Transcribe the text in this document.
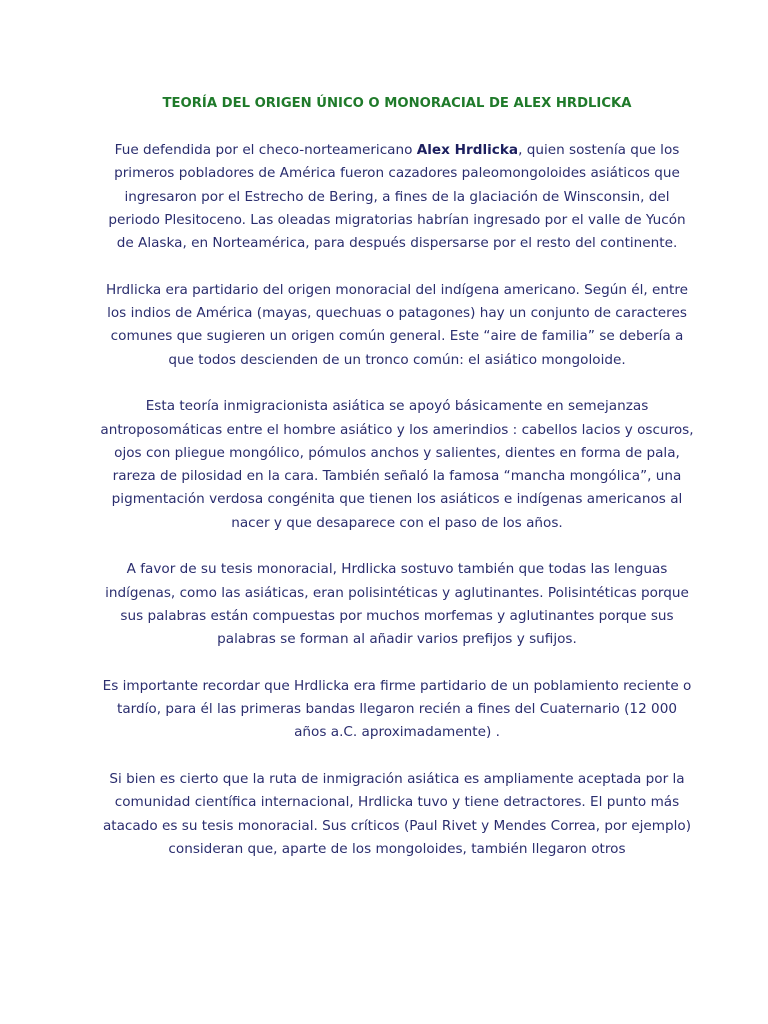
TEORÍA DEL ORIGEN ÚNICO O MONORACIAL DE ALEX HRDLICKA

Fue defendida por el checo-norteamericano Alex Hrdlicka, quien sostenía que los primeros pobladores de América fueron cazadores paleomongoloides asiáticos que ingresaron por el Estrecho de Bering, a fines de la glaciación de Winsconsin, del periodo Plesitoceno. Las oleadas migratorias habrían ingresado por el valle de Yucón de Alaska, en Norteamérica, para después dispersarse por el resto del continente.

Hrdlicka era partidario del origen monoracial del indígena americano. Según él, entre los indios de América (mayas, quechuas o patagones) hay un conjunto de caracteres comunes que sugieren un origen común general. Este “aire de familia” se debería a que todos descienden de un tronco común: el asiático mongoloide.

Esta teoría inmigracionista asiática se apoyó básicamente en semejanzas antroposomáticas entre el hombre asiático y los amerindios : cabellos lacios y oscuros, ojos con pliegue mongólico, pómulos anchos y salientes, dientes en forma de pala, rareza de pilosidad en la cara. También señaló la famosa “mancha mongólica”, una pigmentación verdosa congénita que tienen los asiáticos e indígenas americanos al nacer y que desaparece con el paso de los años.

A favor de su tesis monoracial, Hrdlicka sostuvo también que todas las lenguas indígenas, como las asiáticas, eran polisintéticas y aglutinantes. Polisintéticas porque sus palabras están compuestas por muchos morfemas y aglutinantes porque sus palabras se forman al añadir varios prefijos y sufijos.

Es importante recordar que Hrdlicka era firme partidario de un poblamiento reciente o tardío, para él las primeras bandas llegaron recién a fines del Cuaternario (12 000 años a.C. aproximadamente) .

Si bien es cierto que la ruta de inmigración asiática es ampliamente aceptada por la comunidad científica internacional, Hrdlicka tuvo y tiene detractores. El punto más atacado es su tesis monoracial. Sus críticos (Paul Rivet y Mendes Correa, por ejemplo) consideran que, aparte de los mongoloides, también llegaron otros
